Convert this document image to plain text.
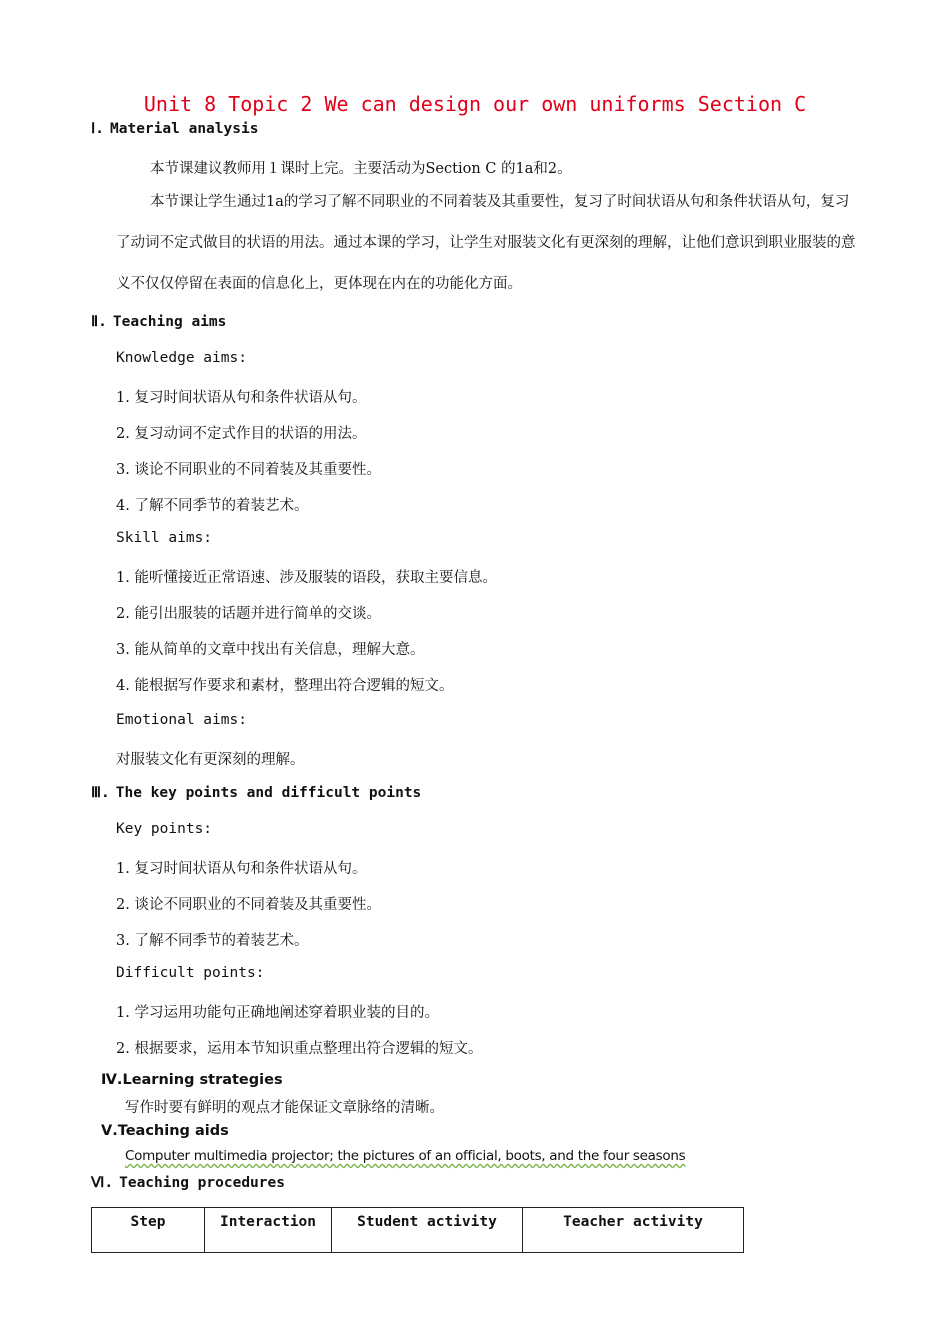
Unit 8 Topic 2 We can design our own uniforms Section C
Ⅰ. Material analysis
本节课建议教师用１课时上完。主要活动为Section C 的1a和2。
本节课让学生通过1a的学习了解不同职业的不同着装及其重要性，复习了时间状语从句和条件状语从句，复习了动词不定式做目的状语的用法。通过本课的学习，让学生对服装文化有更深刻的理解，让他们意识到职业服装的意义不仅仅停留在表面的信息化上，更体现在内在的功能化方面。
Ⅱ. Teaching aims
Knowledge aims:
1. 复习时间状语从句和条件状语从句。
2. 复习动词不定式作目的状语的用法。
3. 谈论不同职业的不同着装及其重要性。
4. 了解不同季节的着装艺术。
Skill aims:
1. 能听懂接近正常语速、涉及服装的语段，获取主要信息。
2. 能引出服装的话题并进行简单的交谈。
3. 能从简单的文章中找出有关信息，理解大意。
4. 能根据写作要求和素材，整理出符合逻辑的短文。
Emotional aims:
对服装文化有更深刻的理解。
Ⅲ. The key points and difficult points
Key points:
1. 复习时间状语从句和条件状语从句。
2. 谈论不同职业的不同着装及其重要性。
3. 了解不同季节的着装艺术。
Difficult points:
1. 学习运用功能句正确地阐述穿着职业装的目的。
2. 根据要求，运用本节知识重点整理出符合逻辑的短文。
Ⅳ.Learning strategies
写作时要有鲜明的观点才能保证文章脉络的清晰。
Ⅴ.Teaching aids
Computer multimedia projector; the pictures of an official, boots, and the four seasons
Ⅵ. Teaching procedures
Step	Interaction	Student activity	Teacher activity
